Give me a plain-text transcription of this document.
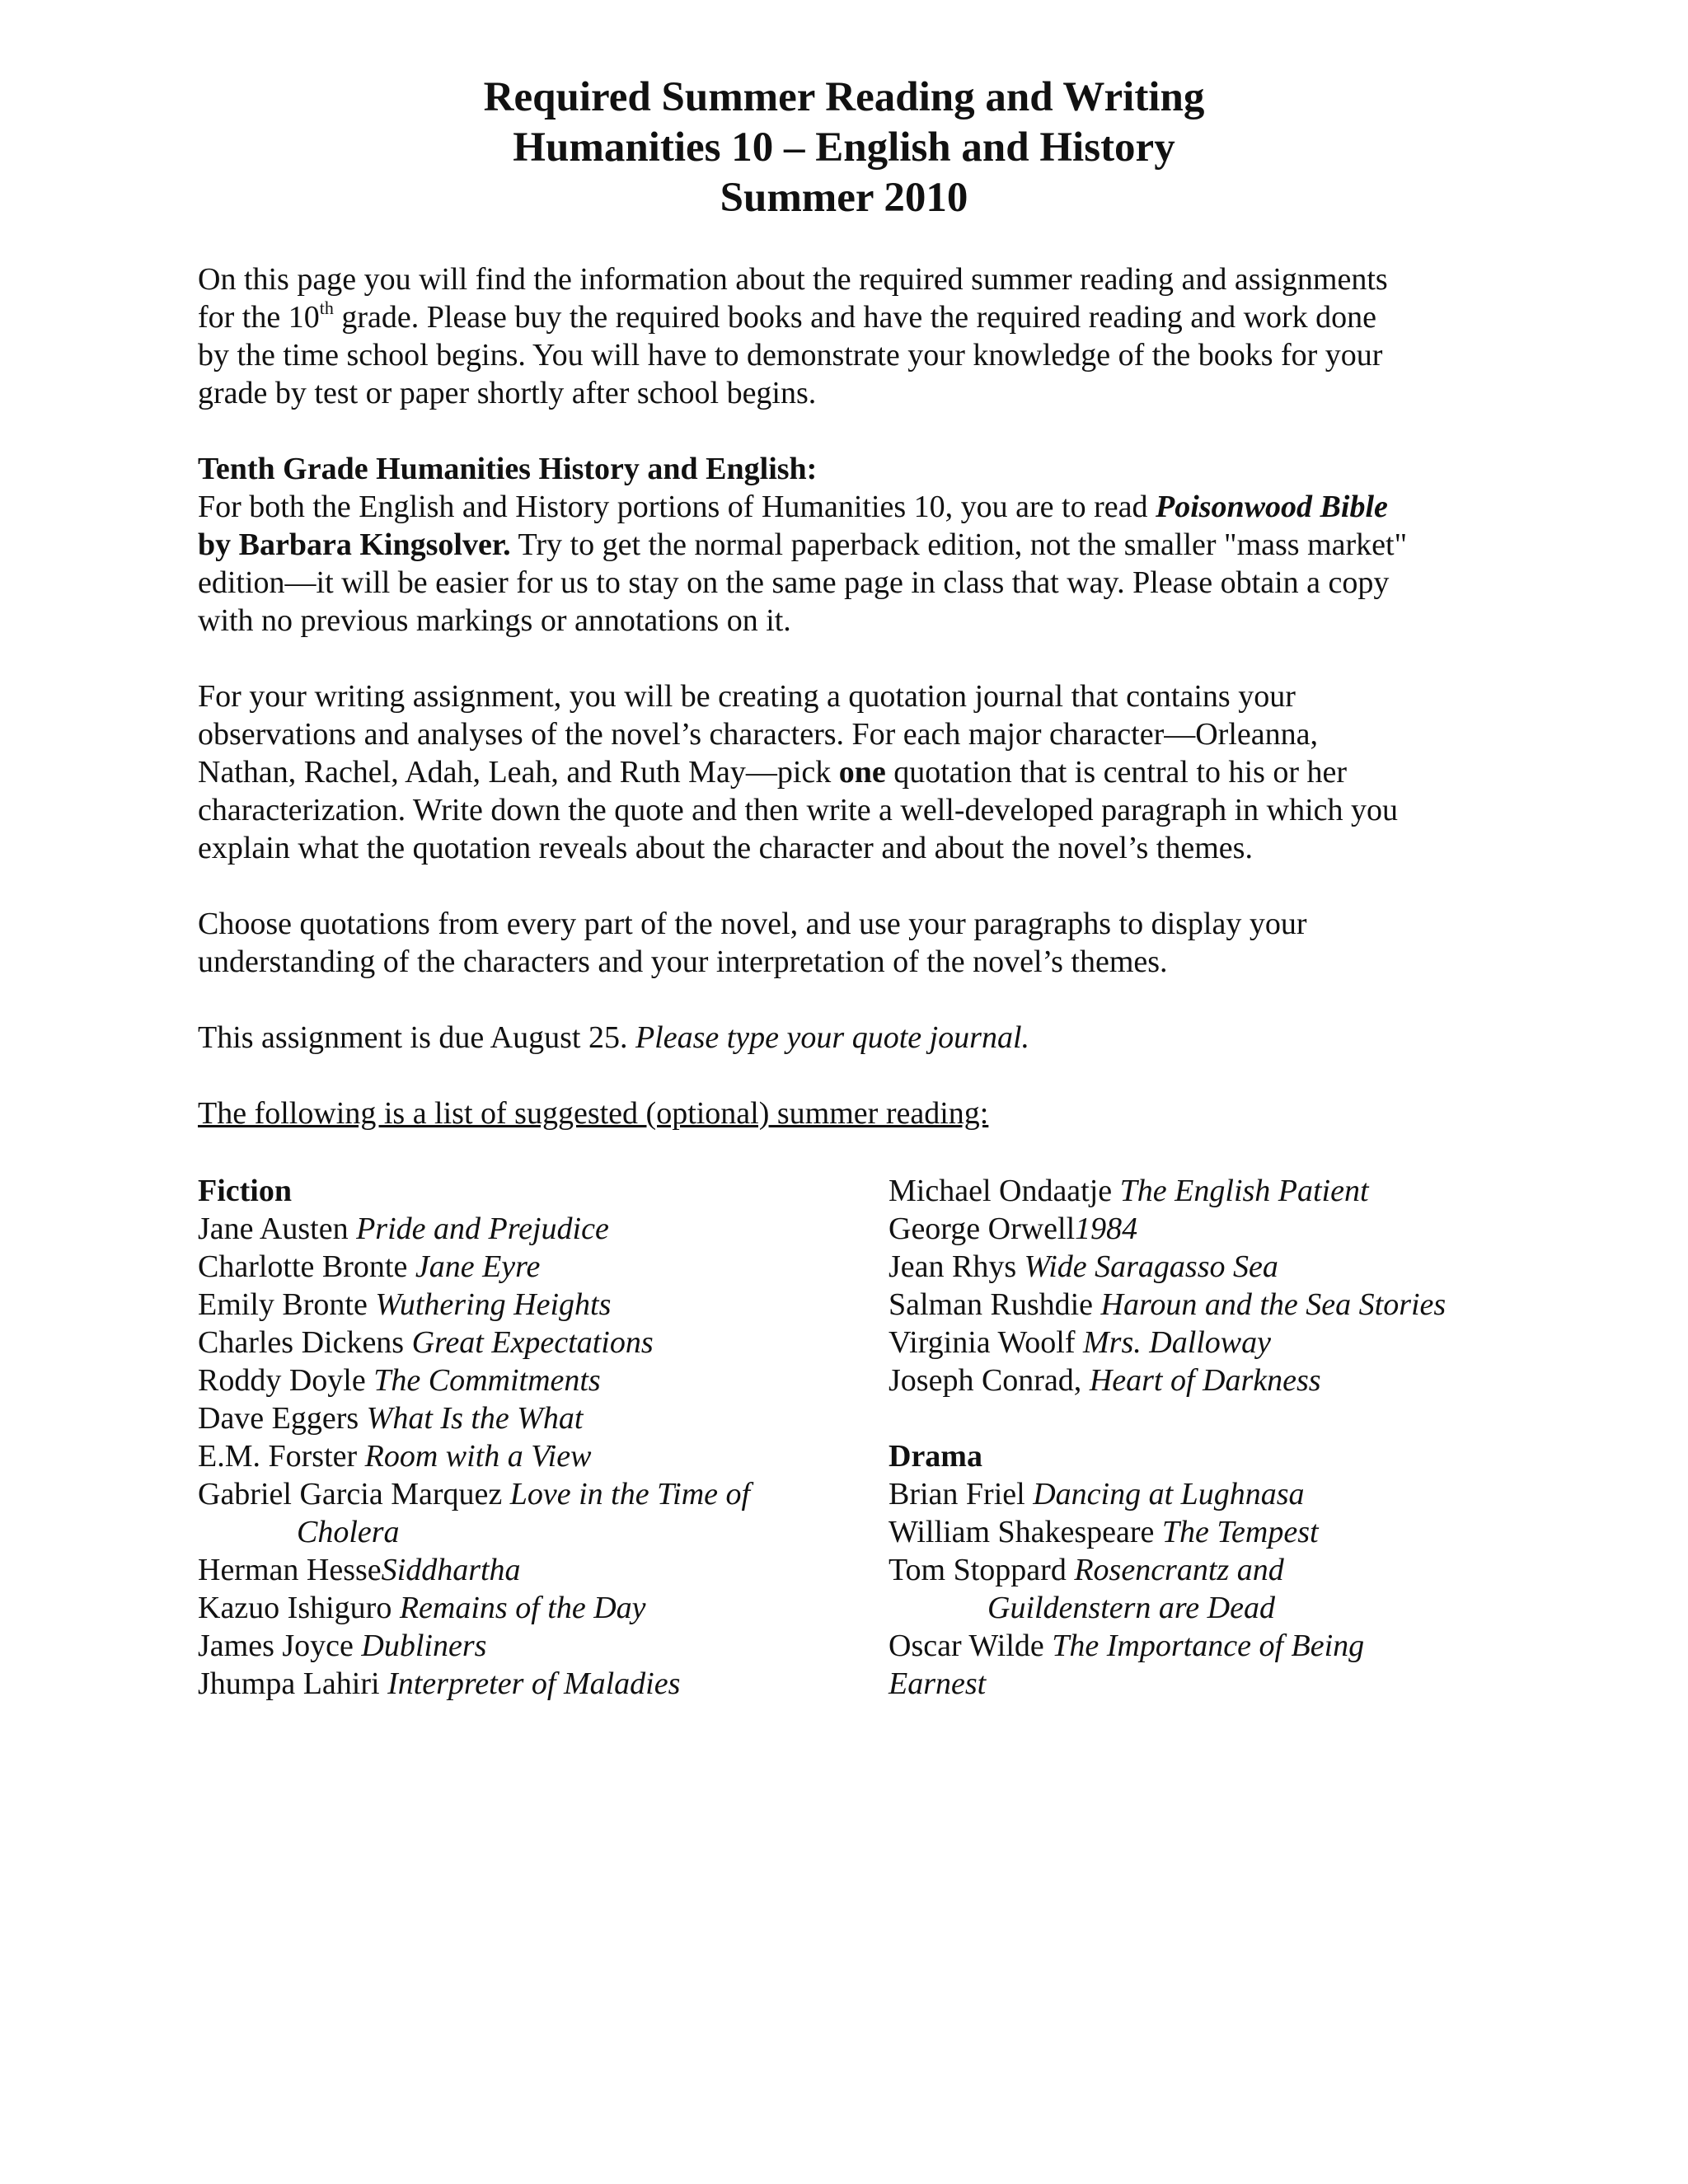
Required Summer Reading and Writing
Humanities 10 – English and History
Summer 2010

On this page you will find the information about the required summer reading and assignments
for the 10th grade. Please buy the required books and have the required reading and work done
by the time school begins. You will have to demonstrate your knowledge of the books for your
grade by test or paper shortly after school begins.

Tenth Grade Humanities History and English:
For both the English and History portions of Humanities 10, you are to read Poisonwood Bible
by Barbara Kingsolver. Try to get the normal paperback edition, not the smaller "mass market"
edition—it will be easier for us to stay on the same page in class that way. Please obtain a copy
with no previous markings or annotations on it.

For your writing assignment, you will be creating a quotation journal that contains your
observations and analyses of the novel’s characters. For each major character—Orleanna,
Nathan, Rachel, Adah, Leah, and Ruth May—pick one quotation that is central to his or her
characterization. Write down the quote and then write a well-developed paragraph in which you
explain what the quotation reveals about the character and about the novel’s themes.

Choose quotations from every part of the novel, and use your paragraphs to display your
understanding of the characters and your interpretation of the novel’s themes.

This assignment is due August 25. Please type your quote journal.

The following is a list of suggested (optional) summer reading:

Fiction
Jane Austen Pride and Prejudice
Charlotte Bronte Jane Eyre
Emily Bronte Wuthering Heights
Charles Dickens Great Expectations
Roddy Doyle The Commitments
Dave Eggers What Is the What
E.M. Forster Room with a View
Gabriel Garcia Marquez Love in the Time of
Cholera
Herman HesseSiddhartha
Kazuo Ishiguro Remains of the Day
James Joyce Dubliners
Jhumpa Lahiri Interpreter of Maladies
Michael Ondaatje The English Patient
George Orwell1984
Jean Rhys Wide Saragasso Sea
Salman Rushdie Haroun and the Sea Stories
Virginia Woolf Mrs. Dalloway
Joseph Conrad, Heart of Darkness
Drama
Brian Friel Dancing at Lughnasa
William Shakespeare The Tempest
Tom Stoppard Rosencrantz and
Guildenstern are Dead
Oscar Wilde The Importance of Being
Earnest
